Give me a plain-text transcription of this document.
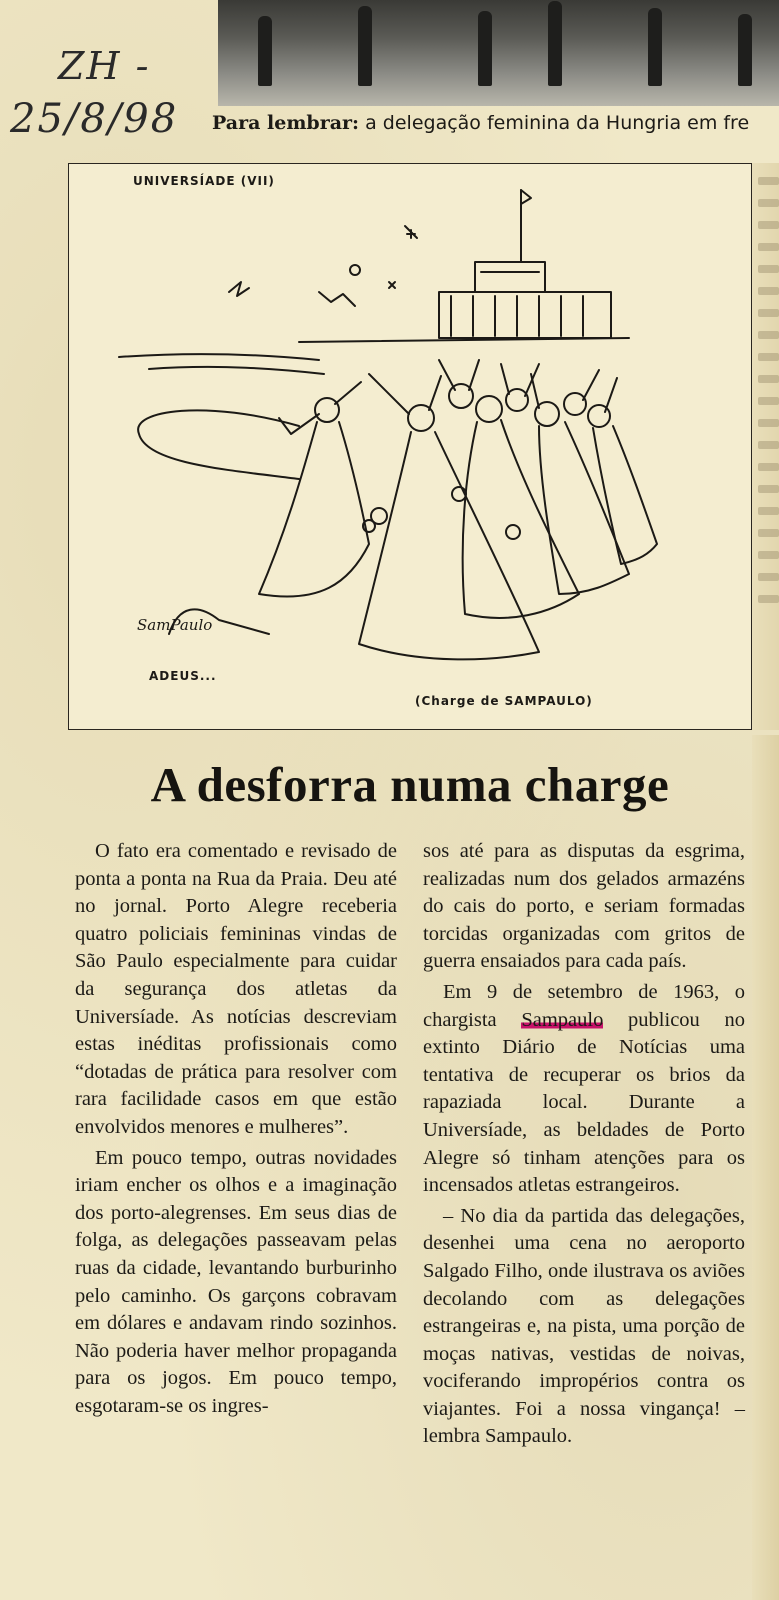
ZH -
25/8/98 Para lembrar: a delegação feminina da Hungria em fre
UNIVERSÍADE (VII)
SamPaulo
ADEUS...
(Charge de SAMPAULO)
A desforra numa charge

O fato era comentado e revisado de ponta a ponta na Rua da Praia. Deu até no jornal. Porto Alegre receberia quatro policiais femininas vindas de São Paulo especialmente para cuidar da segurança dos atletas da Universíade. As notícias descreviam estas inéditas profissionais como “dotadas de prática para resolver com rara facilidade casos em que estão envolvidos menores e mulheres”.

Em pouco tempo, outras novidades iriam encher os olhos e a imaginação dos porto-alegrenses. Em seus dias de folga, as delegações passeavam pelas ruas da cidade, levantando burburinho pelo caminho. Os garçons cobravam em dólares e andavam rindo sozinhos. Não poderia haver melhor propaganda para os jogos. Em pouco tempo, esgotaram-se os ingres-

sos até para as disputas da esgrima, realizadas num dos gelados armazéns do cais do porto, e seriam formadas torcidas organizadas com gritos de guerra ensaiados para cada país.

Em 9 de setembro de 1963, o chargista Sampaulo publicou no extinto Diário de Notícias uma tentativa de recuperar os brios da rapaziada local. Durante a Universíade, as beldades de Porto Alegre só tinham atenções para os incensados atletas estrangeiros.

– No dia da partida das delegações, desenhei uma cena no aeroporto Salgado Filho, onde ilustrava os aviões decolando com as delegações estrangeiras e, na pista, uma porção de moças nativas, vestidas de noivas, vociferando impropérios contra os viajantes. Foi a nossa vingança! – lembra Sampaulo.
